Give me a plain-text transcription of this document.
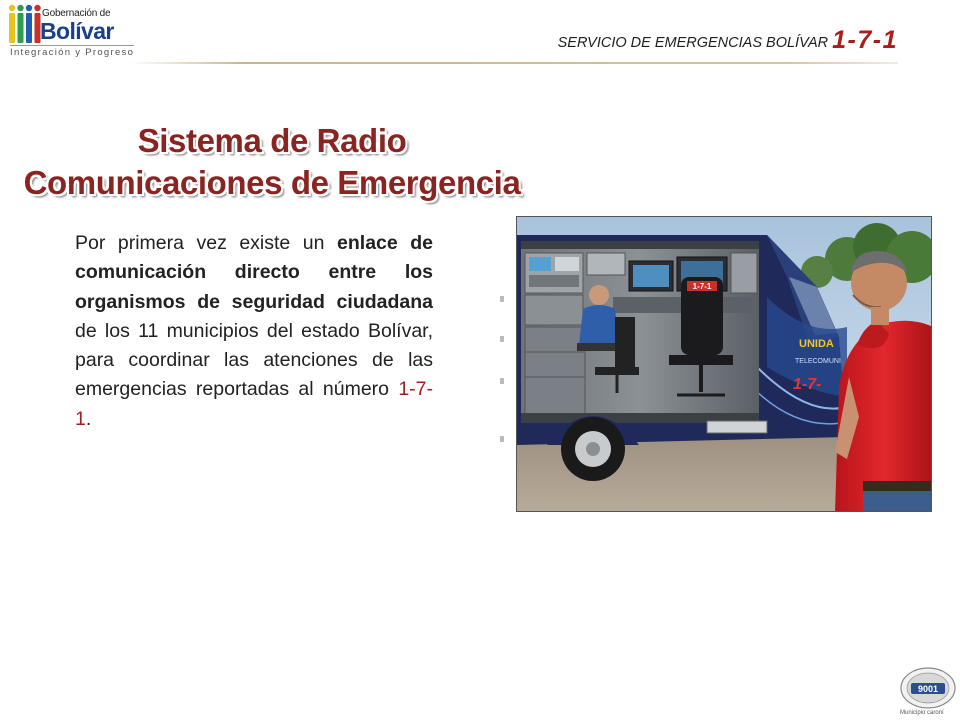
Gobernación de
Bolívar
Integración y Progreso
SERVICIO DE EMERGENCIAS BOLÍVAR 1-7-1
Sistema de Radio
Comunicaciones de Emergencia
Por primera vez existe un enlace de comunicación directo entre los organismos de seguridad ciudadana de los 11 municipios del estado Bolívar, para coordinar las atenciones de las emergencias reportadas al número 1-7-1.
1-7-1
UNIDA
TELECOMUNI
1-7-
9001
Municipio caroní
